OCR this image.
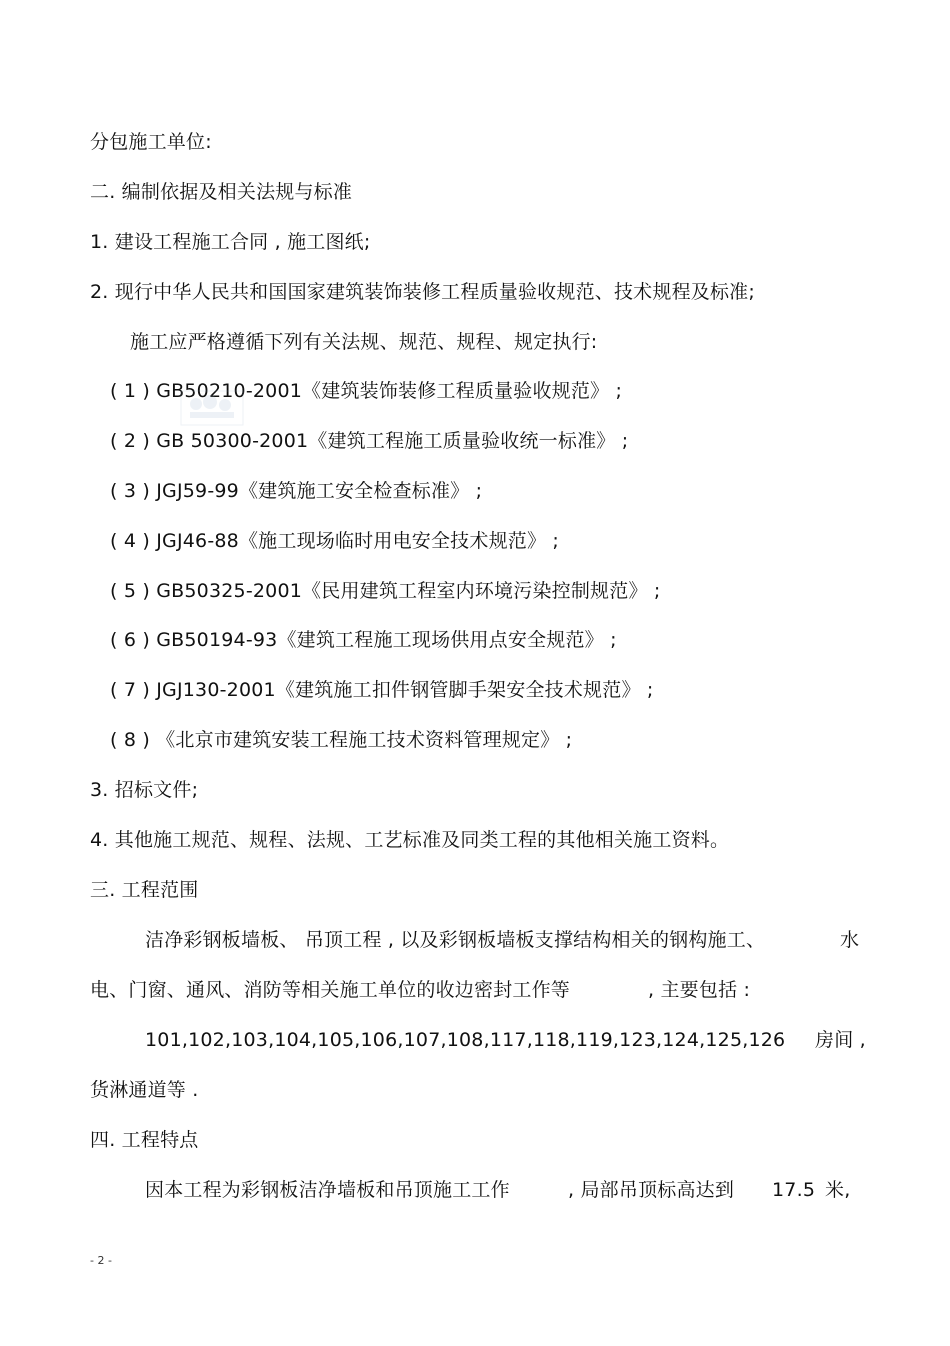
分包施工单位:
二. 编制依据及相关法规与标准
1. 建设工程施工合同 , 施工图纸;
2. 现行中华人民共和国国家建筑装饰装修工程质量验收规范、技术规程及标准;
施工应严格遵循下列有关法规、规范、规程、规定执行:
( 1 ) GB50210-2001《建筑装饰装修工程质量验收规范》 ;
( 2 ) GB 50300-2001《建筑工程施工质量验收统一标准》 ;
( 3 ) JGJ59-99《建筑施工安全检查标准》 ;
( 4 ) JGJ46-88《施工现场临时用电安全技术规范》 ;
( 5 ) GB50325-2001《民用建筑工程室内环境污染控制规范》 ;
( 6 ) GB50194-93《建筑工程施工现场供用点安全规范》 ;
( 7 ) JGJ130-2001《建筑施工扣件钢管脚手架安全技术规范》 ;
( 8 ) 《北京市建筑安装工程施工技术资料管理规定》 ;
3. 招标文件;
4. 其他施工规范、规程、法规、工艺标准及同类工程的其他相关施工资料。
三. 工程范围
洁净彩钢板墙板、 吊顶工程 , 以及彩钢板墙板支撑结构相关的钢构施工、	水
电、门窗、通风、消防等相关施工单位的收边密封工作等	, 主要包括 :
101,102,103,104,105,106,107,108,117,118,119,123,124,125,126 房间 ,
货淋通道等 .
四. 工程特点
因本工程为彩钢板洁净墙板和吊顶施工工作	, 局部吊顶标高达到 17.5 米,
- 2 -
